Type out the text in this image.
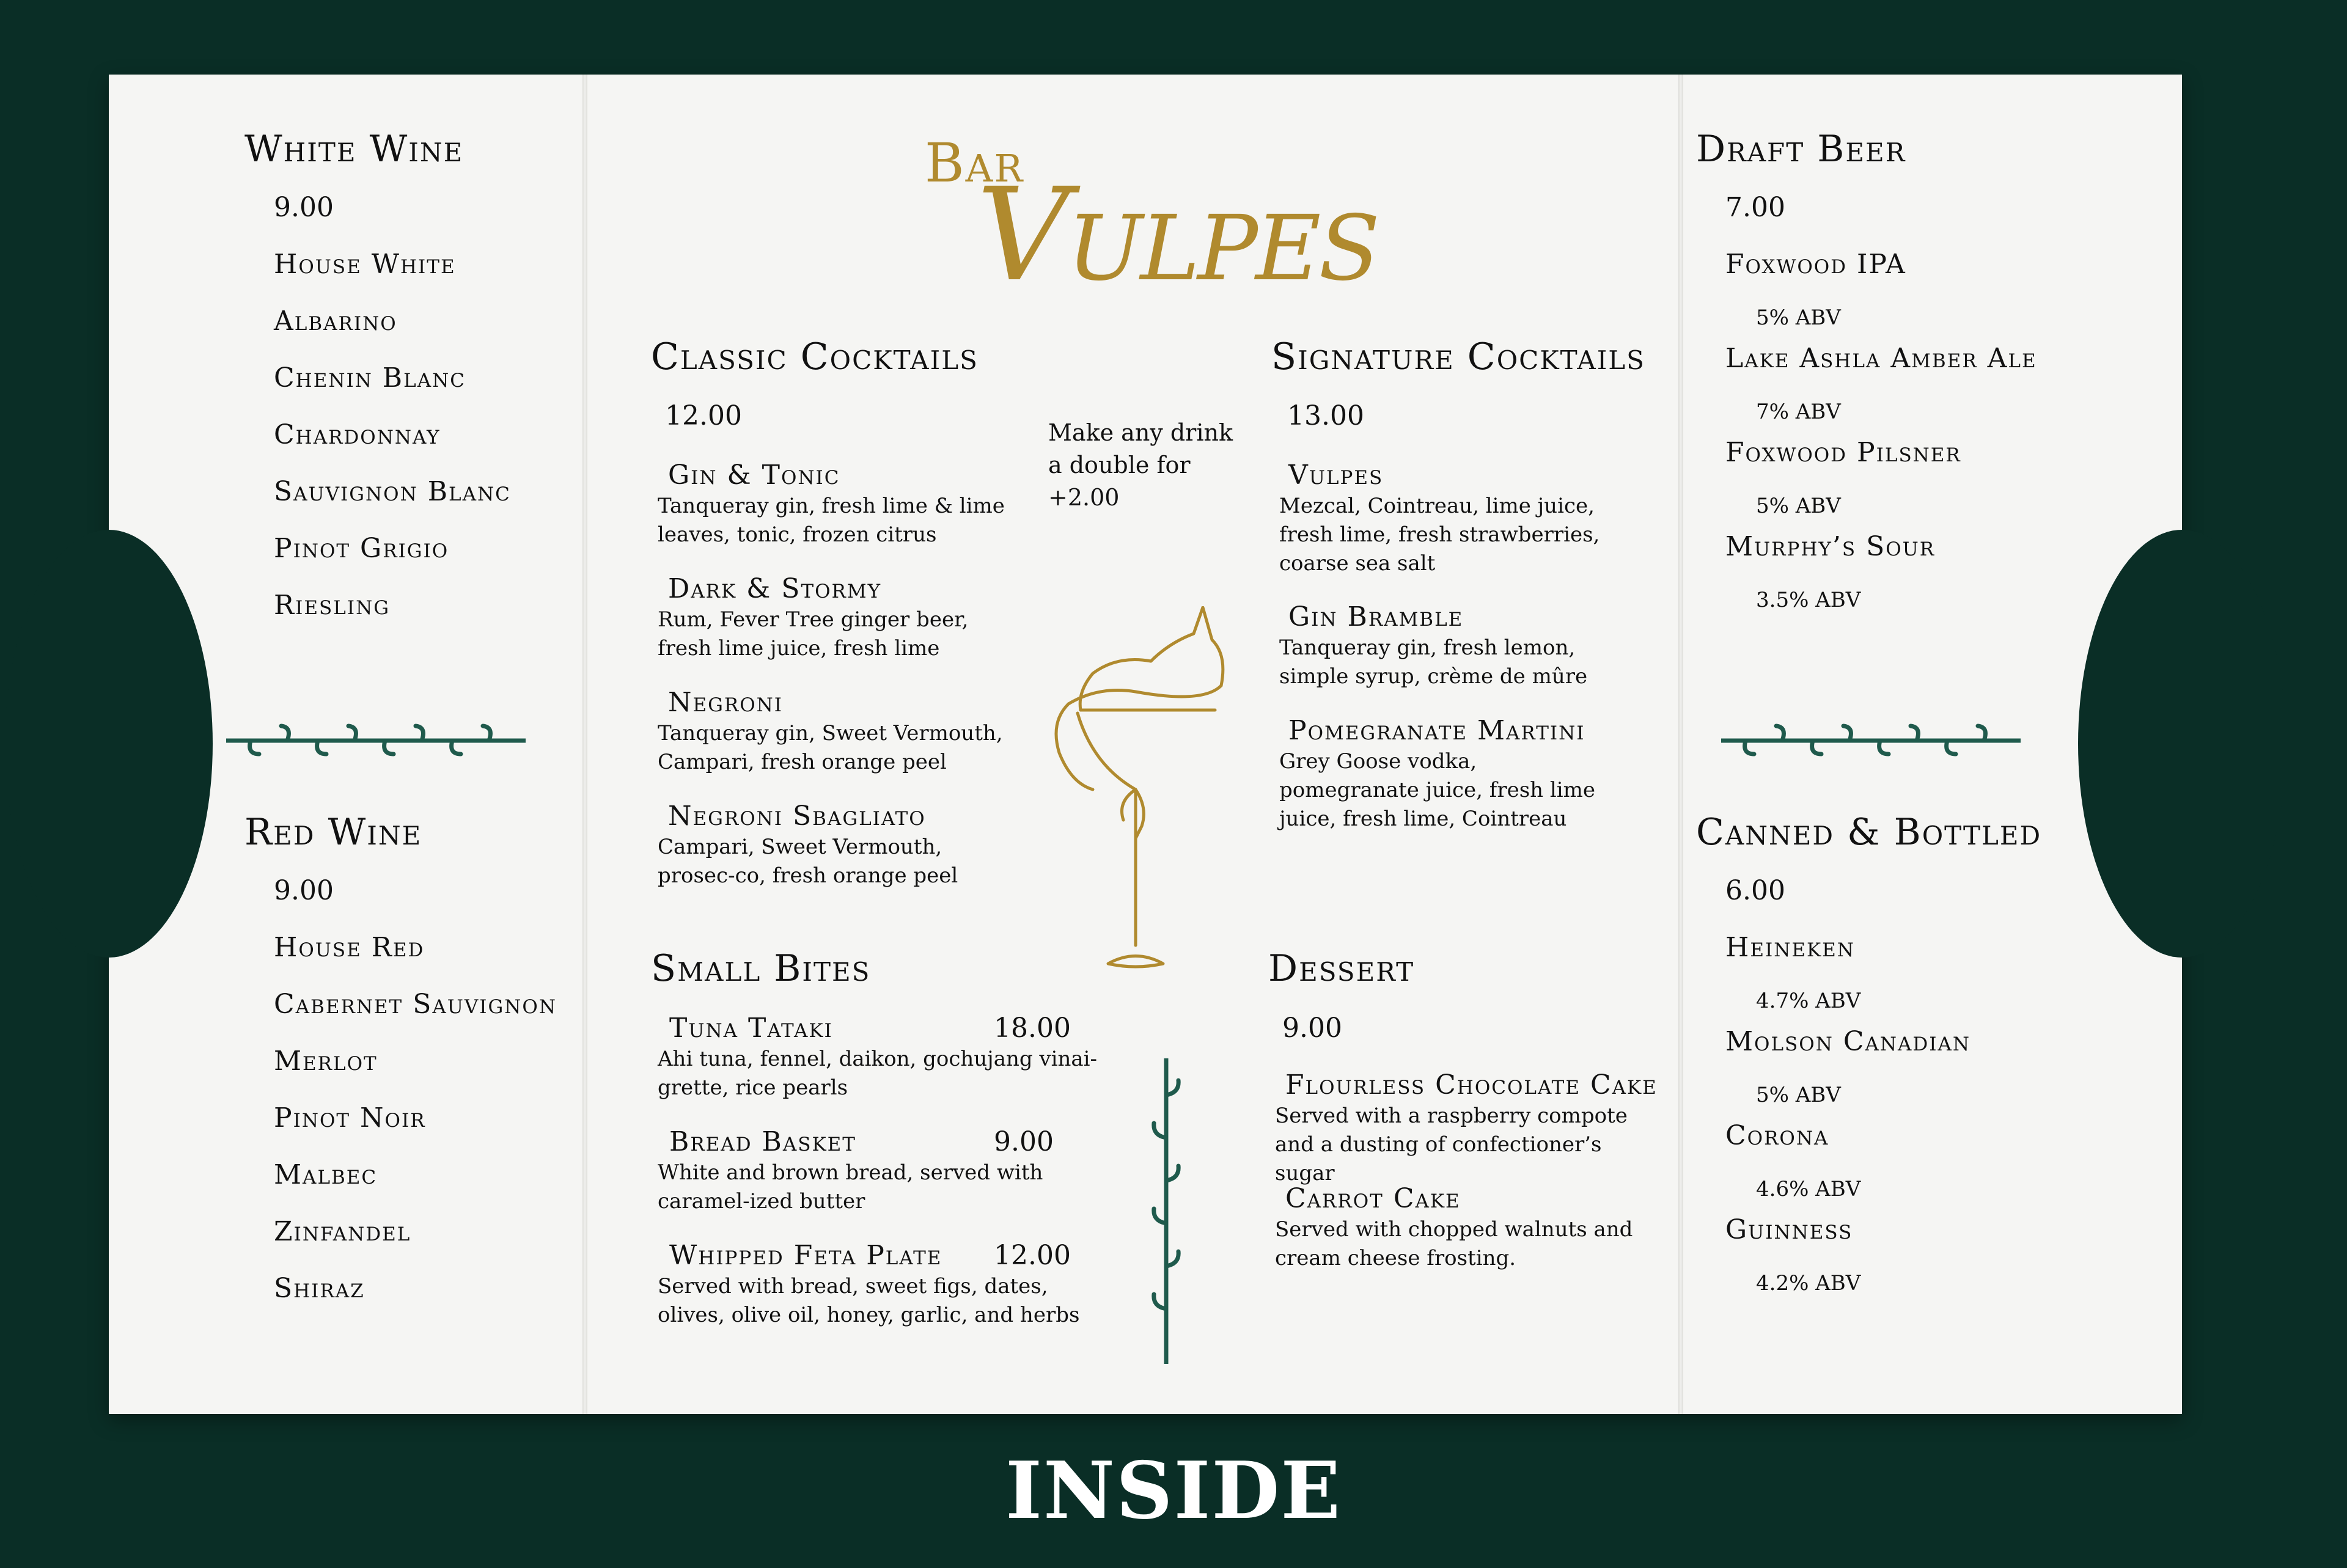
White Wine
9.00
House White
Albarino
Chenin Blanc
Chardonnay
Sauvignon Blanc
Pinot Grigio
Riesling
Red Wine
9.00
House Red
Cabernet Sauvignon
Merlot
Pinot Noir
Malbec
Zinfandel
Shiraz
Bar
Vulpes
Classic Cocktails
12.00
Gin & Tonic
Tanqueray gin, fresh lime & lime leaves, tonic, frozen citrus
Dark & Stormy
Rum, Fever Tree ginger beer, fresh lime juice, fresh lime
Negroni
Tanqueray gin, Sweet Vermouth, Campari, fresh orange peel
Negroni Sbagliato
Campari, Sweet Vermouth, prosec-co, fresh orange peel
Make any drink a double for +2.00
Signature Cocktails
13.00
Vulpes
Mezcal, Cointreau, lime juice, fresh lime, fresh strawberries, coarse sea salt
Gin Bramble
Tanqueray gin, fresh lemon, simple syrup, crème de mûre
Pomegranate Martini
Grey Goose vodka, pomegranate juice, fresh lime juice, fresh lime, Cointreau
Small Bites
Tuna Tataki	18.00
Ahi tuna, fennel, daikon, gochujang vinai-grette, rice pearls
Bread Basket	9.00
White and brown bread, served with caramel-ized butter
Whipped Feta Plate 12.00
Served with bread, sweet figs, dates, olives, olive oil, honey, garlic, and herbs
Dessert
9.00
Flourless Chocolate Cake
Served with a raspberry compote and a dusting of confectioner’s sugar
Carrot Cake
Served with chopped walnuts and cream cheese frosting.
Draft Beer
7.00
Foxwood IPA
5% ABV
Lake Ashla Amber Ale
7% ABV
Foxwood Pilsner
5% ABV
Murphy’s Sour
3.5% ABV
Canned & Bottled
6.00
Heineken
4.7% ABV
Molson Canadian
5% ABV
Corona
4.6% ABV
Guinness
4.2% ABV
INSIDE
